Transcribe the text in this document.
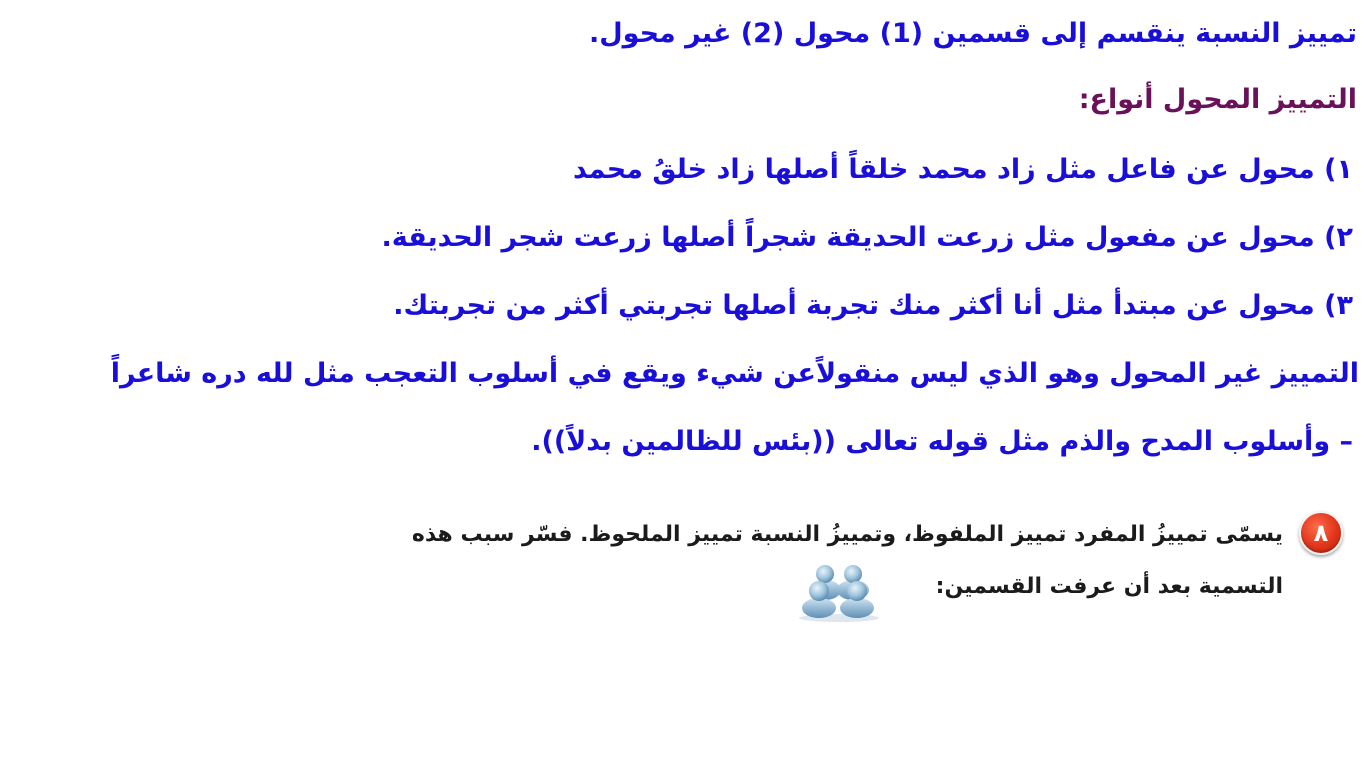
تمييز النسبة ينقسم إلى قسمين (1) محول (2) غير محول.
التمييز المحول أنواع:
١) محول عن فاعل مثل زاد محمد خلقاً أصلها زاد خلقُ محمد
٢) محول عن مفعول مثل زرعت الحديقة شجراً أصلها زرعت شجر الحديقة.
٣) محول عن مبتدأ مثل أنا أكثر منك تجربة أصلها تجربتي أكثر من تجربتك.
التمييز غير المحول وهو الذي ليس منقولاًعن شيء ويقع في أسلوب التعجب مثل لله دره شاعراً
– وأسلوب المدح والذم مثل قوله تعالى ((بئس للظالمين بدلاً)).
٨
يسمّى تمييزُ المفرد تمييز الملفوظ، وتمييزُ النسبة تمييز الملحوظ. فسّر سبب هذه
التسمية بعد أن عرفت القسمين:
